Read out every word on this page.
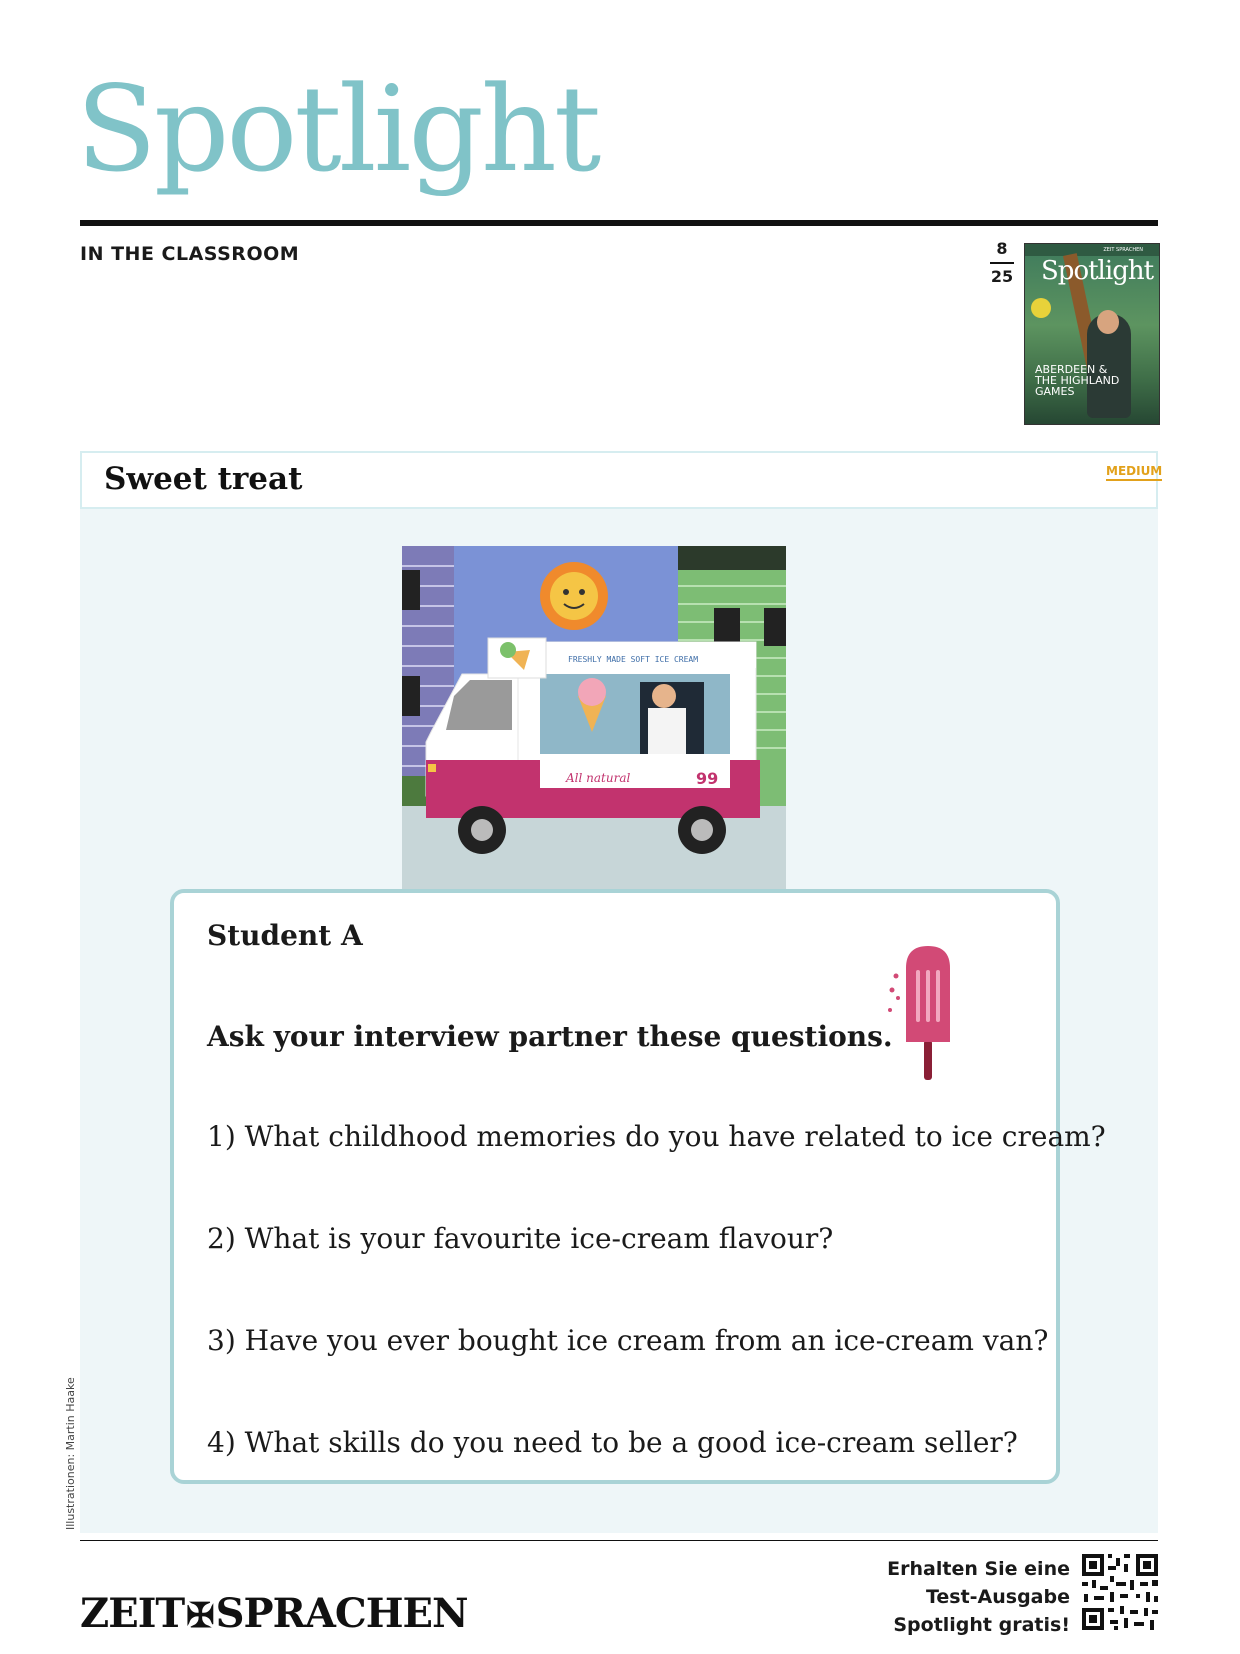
Spotlight
IN THE CLASSROOM	8
25
ZEIT SPRACHEN
Spotlight
ABERDEEN &
THE HIGHLAND
GAMES
Sweet treat	MEDIUM
FRESHLY MADE SOFT ICE CREAM
All natural	99
Student A
Ask your interview partner these questions.
1) What childhood memories do you have related to ice cream?
2) What is your favourite ice-cream flavour?
3) Have you ever bought ice cream from an ice-cream van?
4) What skills do you need to be a good ice-cream seller?
Illustrationen: Martin Haake
ZEIT✠SPRACHEN
Erhalten Sie eine
Test-Ausgabe
Spotlight gratis!
